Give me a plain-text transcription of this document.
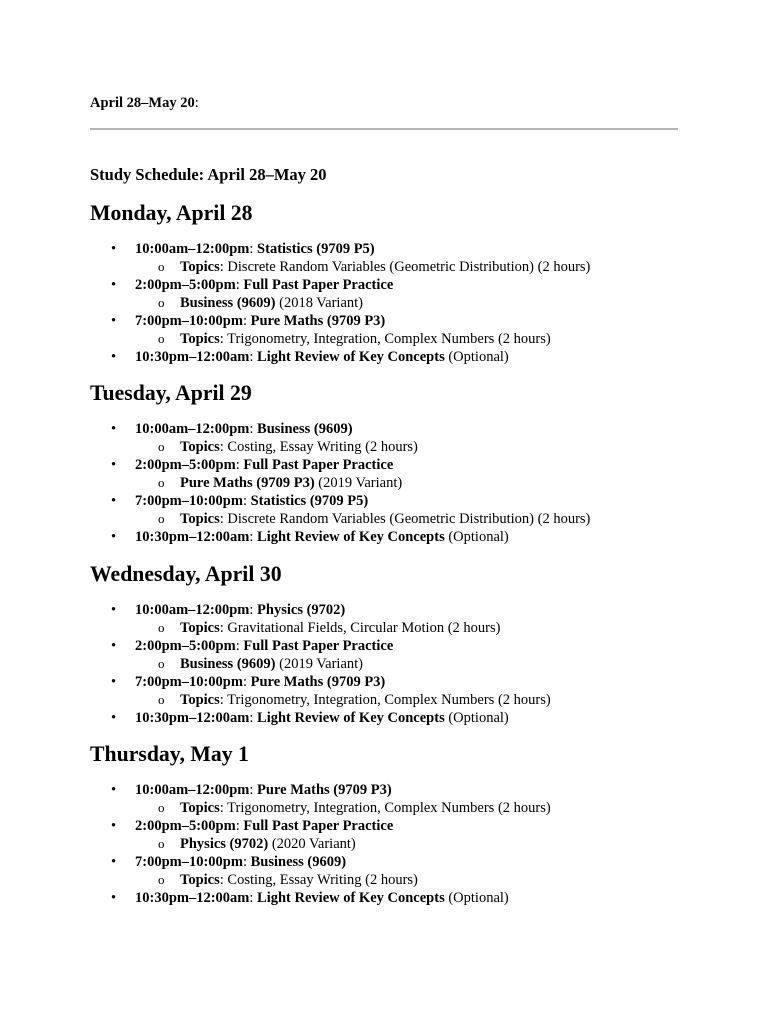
April 28–May 20:

Study Schedule: April 28–May 20
Monday, April 28
• 10:00am–12:00pm: Statistics (9709 P5)
o Topics: Discrete Random Variables (Geometric Distribution) (2 hours)
• 2:00pm–5:00pm: Full Past Paper Practice
o Business (9609) (2018 Variant)
• 7:00pm–10:00pm: Pure Maths (9709 P3)
o Topics: Trigonometry, Integration, Complex Numbers (2 hours)
• 10:30pm–12:00am: Light Review of Key Concepts (Optional)
Tuesday, April 29
• 10:00am–12:00pm: Business (9609)
o Topics: Costing, Essay Writing (2 hours)
• 2:00pm–5:00pm: Full Past Paper Practice
o Pure Maths (9709 P3) (2019 Variant)
• 7:00pm–10:00pm: Statistics (9709 P5)
o Topics: Discrete Random Variables (Geometric Distribution) (2 hours)
• 10:30pm–12:00am: Light Review of Key Concepts (Optional)
Wednesday, April 30
• 10:00am–12:00pm: Physics (9702)
o Topics: Gravitational Fields, Circular Motion (2 hours)
• 2:00pm–5:00pm: Full Past Paper Practice
o Business (9609) (2019 Variant)
• 7:00pm–10:00pm: Pure Maths (9709 P3)
o Topics: Trigonometry, Integration, Complex Numbers (2 hours)
• 10:30pm–12:00am: Light Review of Key Concepts (Optional)
Thursday, May 1
• 10:00am–12:00pm: Pure Maths (9709 P3)
o Topics: Trigonometry, Integration, Complex Numbers (2 hours)
• 2:00pm–5:00pm: Full Past Paper Practice
o Physics (9702) (2020 Variant)
• 7:00pm–10:00pm: Business (9609)
o Topics: Costing, Essay Writing (2 hours)
• 10:30pm–12:00am: Light Review of Key Concepts (Optional)
